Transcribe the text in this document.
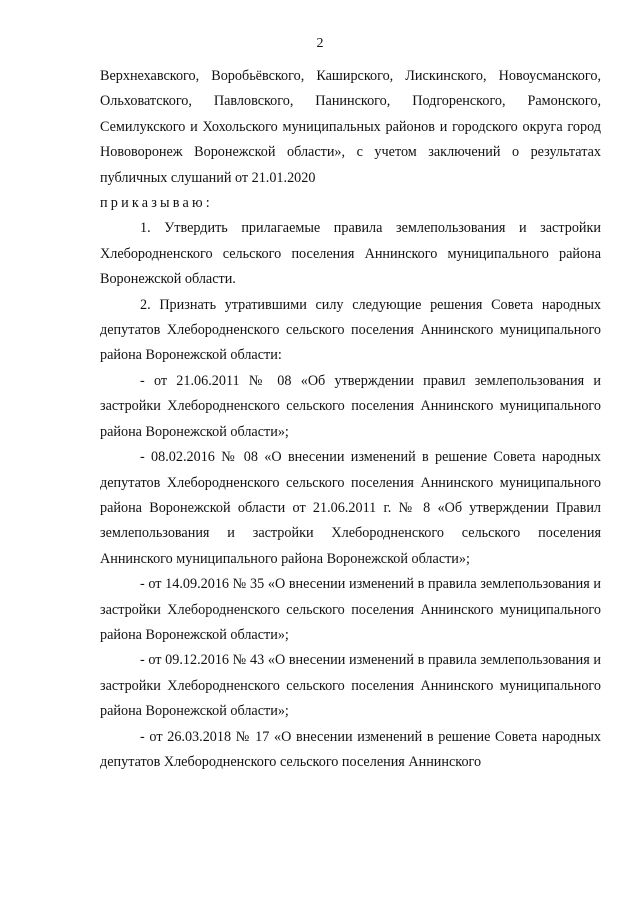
2

Верхнехавского, Воробьёвского, Каширского, Лискинского, Новоусманского, Ольховатского, Павловского, Панинского, Подгоренского, Рамонского, Семилукского и Хохольского муниципальных районов и городского округа город Нововоронеж Воронежской области», с учетом заключений о результатах публичных слушаний от 21.01.2020

приказываю:

1. Утвердить прилагаемые правила землепользования и застройки Хлебородненского сельского поселения Аннинского муниципального района Воронежской области.

2. Признать утратившими силу следующие решения Совета народных депутатов Хлебородненского сельского поселения Аннинского муниципального района Воронежской области:

- от 21.06.2011 № 08 «Об утверждении правил землепользования и застройки Хлебородненского сельского поселения Аннинского муниципального района Воронежской области»;

- 08.02.2016 № 08 «О внесении изменений в решение Совета народных депутатов Хлебородненского сельского поселения Аннинского муниципального района Воронежской области от 21.06.2011 г. № 8 «Об утверждении Правил землепользования и застройки Хлебородненского сельского поселения Аннинского муниципального района Воронежской области»;

- от 14.09.2016 № 35 «О внесении изменений в правила землепользования и застройки Хлебородненского сельского поселения Аннинского муниципального района Воронежской области»;

- от 09.12.2016 № 43 «О внесении изменений в правила землепользования и застройки Хлебородненского сельского поселения Аннинского муниципального района Воронежской области»;

- от 26.03.2018 № 17 «О внесении изменений в решение Совета народных депутатов Хлебородненского сельского поселения Аннинского
